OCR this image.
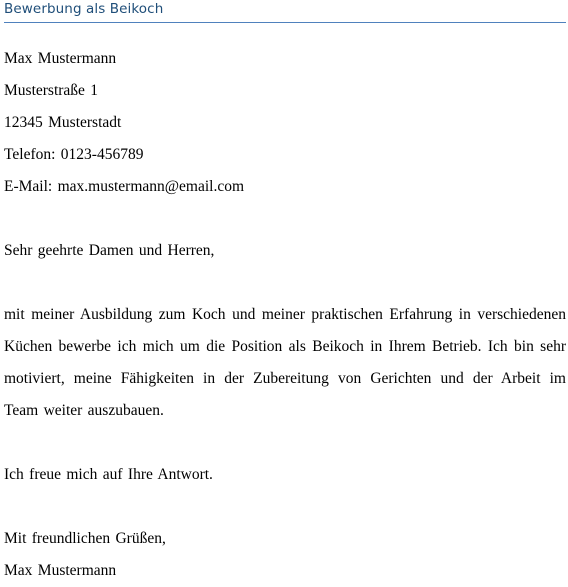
Bewerbung als Beikoch
Max Mustermann
Musterstraße 1
12345 Musterstadt
Telefon: 0123-456789
E-Mail: max.mustermann@email.com
Sehr geehrte Damen und Herren,
mit meiner Ausbildung zum Koch und meiner praktischen Erfahrung in verschiedenen
Küchen bewerbe ich mich um die Position als Beikoch in Ihrem Betrieb. Ich bin sehr
motiviert, meine Fähigkeiten in der Zubereitung von Gerichten und der Arbeit im
Team weiter auszubauen.
Ich freue mich auf Ihre Antwort.
Mit freundlichen Grüßen,
Max Mustermann
